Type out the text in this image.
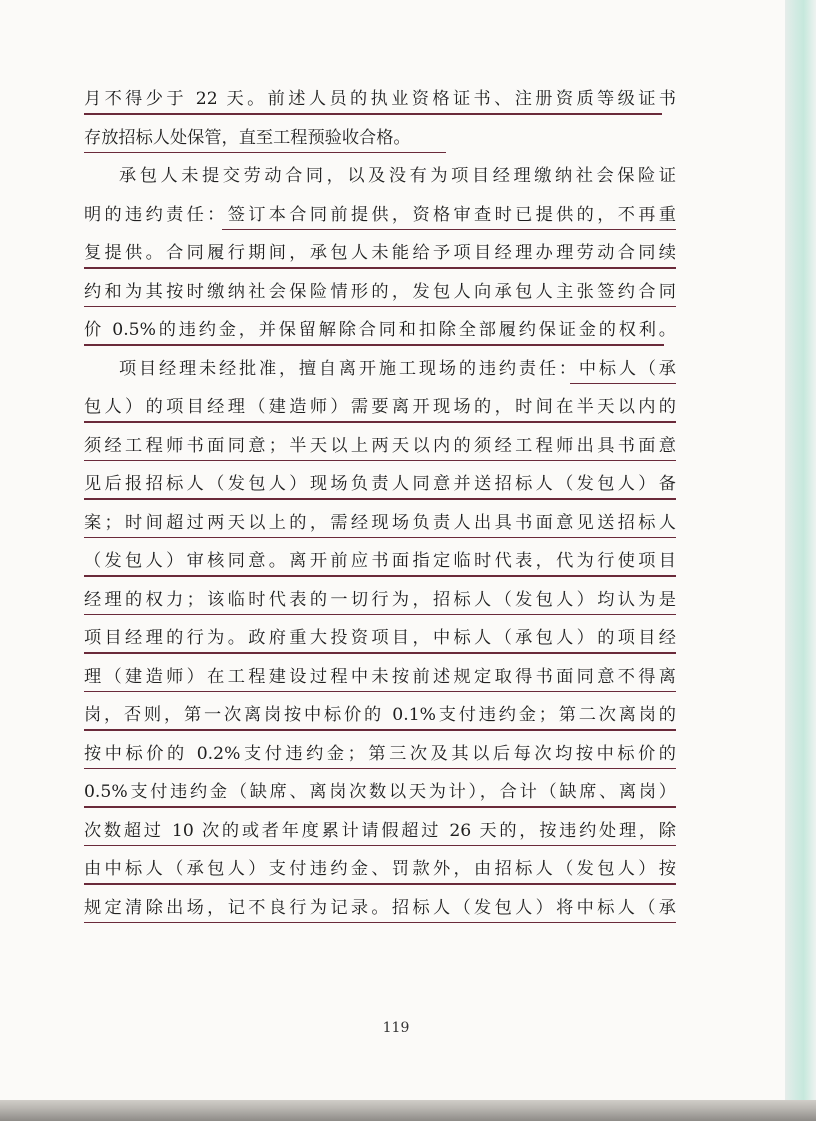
月不得少于 22 天。前述人员的执业资格证书、注册资质等级证书
存放招标人处保管，直至工程预验收合格。
承包人未提交劳动合同，以及没有为项目经理缴纳社会保险证
明的违约责任：签订本合同前提供，资格审查时已提供的，不再重
复提供。合同履行期间，承包人未能给予项目经理办理劳动合同续
约和为其按时缴纳社会保险情形的，发包人向承包人主张签约合同
价 0.5%的违约金，并保留解除合同和扣除全部履约保证金的权利。
项目经理未经批准，擅自离开施工现场的违约责任：中标人（承
包人）的项目经理（建造师）需要离开现场的，时间在半天以内的
须经工程师书面同意；半天以上两天以内的须经工程师出具书面意
见后报招标人（发包人）现场负责人同意并送招标人（发包人）备
案；时间超过两天以上的，需经现场负责人出具书面意见送招标人
（发包人）审核同意。离开前应书面指定临时代表，代为行使项目
经理的权力；该临时代表的一切行为，招标人（发包人）均认为是
项目经理的行为。政府重大投资项目，中标人（承包人）的项目经
理（建造师）在工程建设过程中未按前述规定取得书面同意不得离
岗，否则，第一次离岗按中标价的 0.1%支付违约金；第二次离岗的
按中标价的 0.2%支付违约金；第三次及其以后每次均按中标价的
0.5%支付违约金（缺席、离岗次数以天为计），合计（缺席、离岗）
次数超过 10 次的或者年度累计请假超过 26 天的，按违约处理，除
由中标人（承包人）支付违约金、罚款外，由招标人（发包人）按
规定清除出场，记不良行为记录。招标人（发包人）将中标人（承
119
